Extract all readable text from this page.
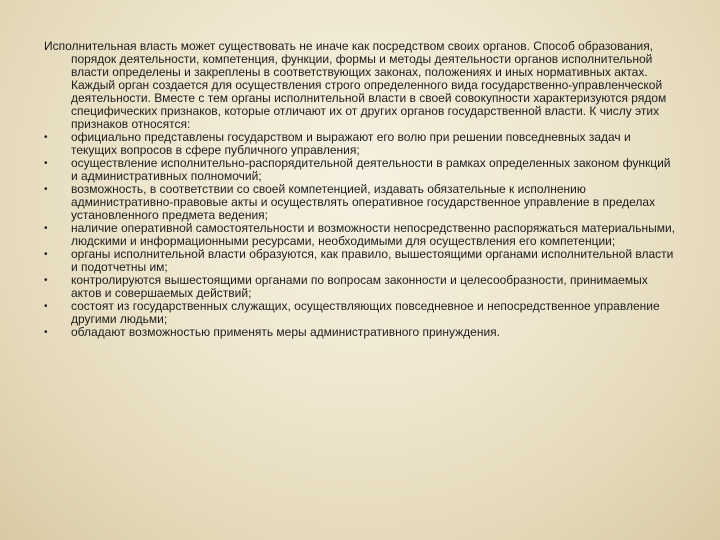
Исполнительная власть может существовать не иначе как посредством своих органов. Способ образования, порядок деятельности, компетенция, функции, формы и методы деятельности органов исполнительной власти определены и закреплены в соответствующих законах, положениях и иных нормативных актах. Каждый орган создается для осуществления строго определенного вида государственно-управленческой деятельности. Вместе с тем органы исполнительной власти в своей совокупности характеризуются рядом специфических признаков, которые отличают их от других органов государственной власти. К числу этих признаков относятся:

•	официально представлены государством и выражают его волю при решении повседневных задач и текущих вопросов в сфере публичного управления;
•	осуществление исполнительно-распорядительной деятельности в рамках определенных законом функций и административных полномочий;
•	возможность, в соответствии со своей компетенцией, издавать обязательные к исполнению административно-правовые акты и осуществлять оперативное государственное управление в пределах установленного предмета ведения;
•	наличие оперативной самостоятельности и возможности непосредственно распоряжаться материальными, людскими и информационными ресурсами, необходимыми для осуществления его компетенции;
•	органы исполнительной власти образуются, как правило, вышестоящими органами исполнительной власти и подотчетны им;
•	контролируются вышестоящими органами по вопросам законности и целесообразности, принимаемых актов и совершаемых действий;
•	состоят из государственных служащих, осуществляющих повседневное и непосредственное управление другими людьми;
•	обладают возможностью применять меры административного принуждения.
